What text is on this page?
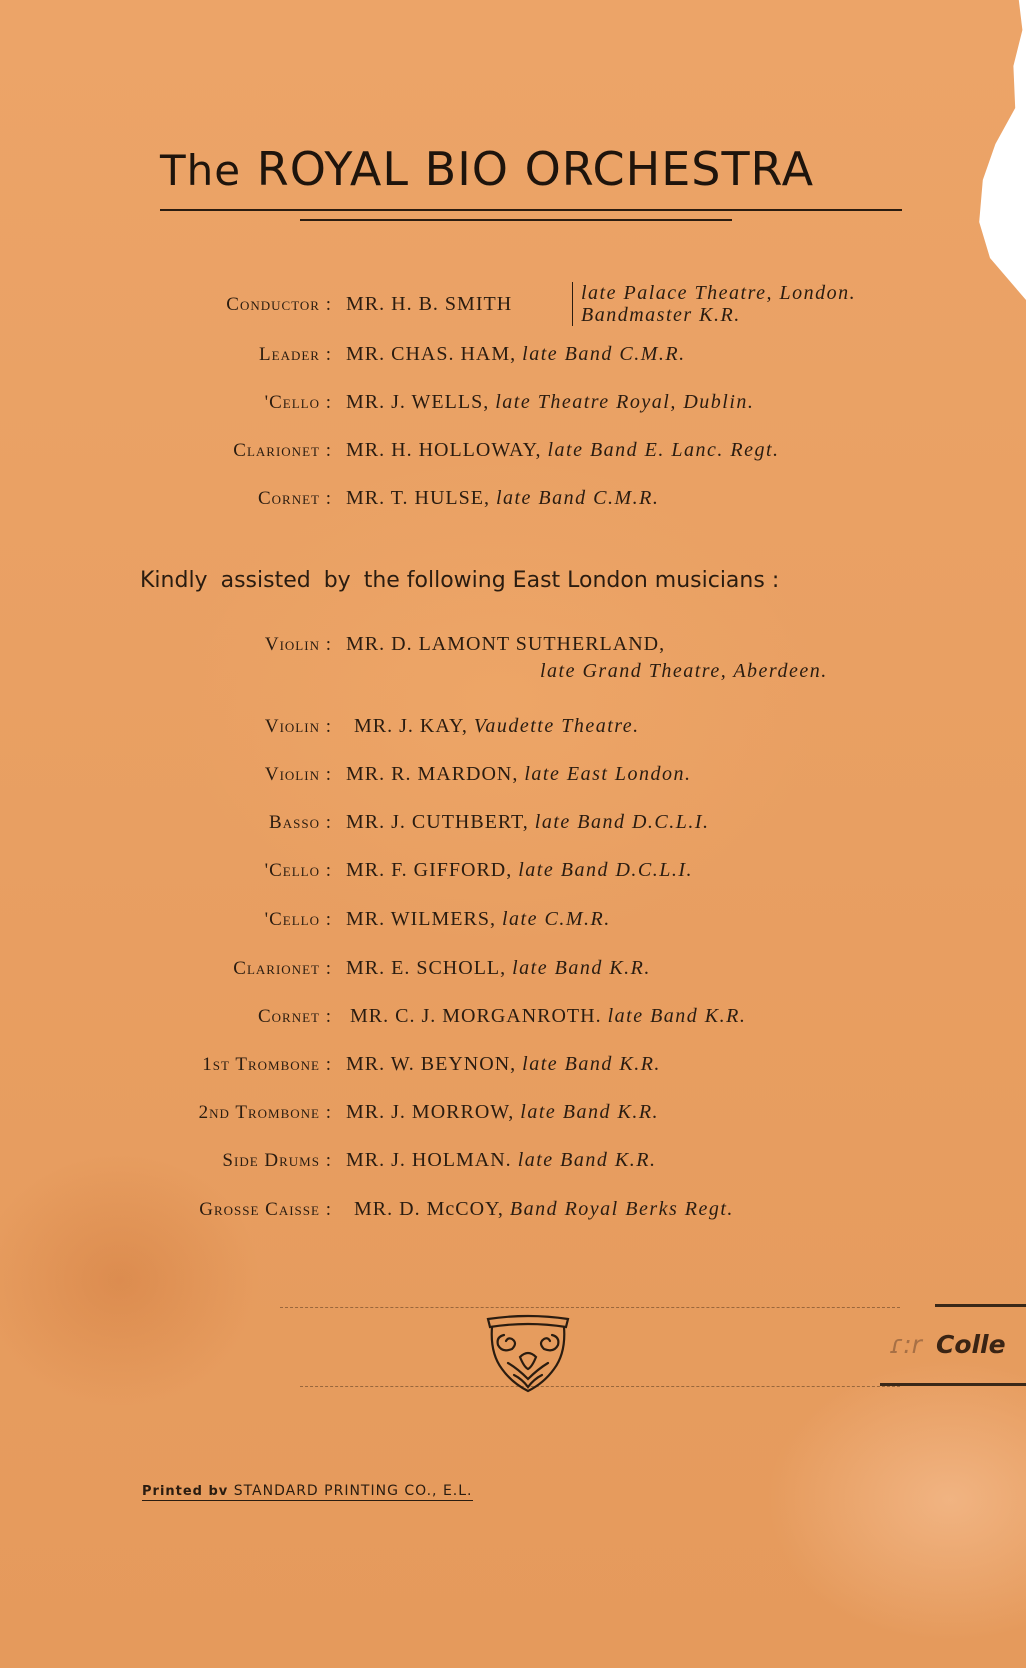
The ROYAL BIO ORCHESTRA
Conductor : MR. H. B. SMITH	late Palace Theatre, London.
Bandmaster K.R.
Leader : MR. CHAS. HAM, late Band C.M.R.
'Cello : MR. J. WELLS, late Theatre Royal, Dublin.
Clarionet : MR. H. HOLLOWAY, late Band E. Lanc. Regt.
Cornet : MR. T. HULSE, late Band C.M.R.
Kindly assisted by the following East London musicians :
Violin : MR. D. LAMONT SUTHERLAND,
late Grand Theatre, Aberdeen.
Violin : MR. J. KAY, Vaudette Theatre.
Violin : MR. R. MARDON, late East London.
Basso : MR. J. CUTHBERT, late Band D.C.L.I.
'Cello : MR. F. GIFFORD, late Band D.C.L.I.
'Cello : MR. WILMERS, late C.M.R.
Clarionet : MR. E. SCHOLL, late Band K.R.
Cornet : MR. C. J. MORGANROTH. late Band K.R.
1st Trombone : MR. W. BEYNON, late Band K.R.
2nd Trombone : MR. J. MORROW, late Band K.R.
Side Drums : MR. J. HOLMAN. late Band K.R.
Grosse Caisse : MR. D. McCOY, Band Royal Berks Regt.
ɾ:r Colle
Printed bv STANDARD PRINTING CO., E.L.
